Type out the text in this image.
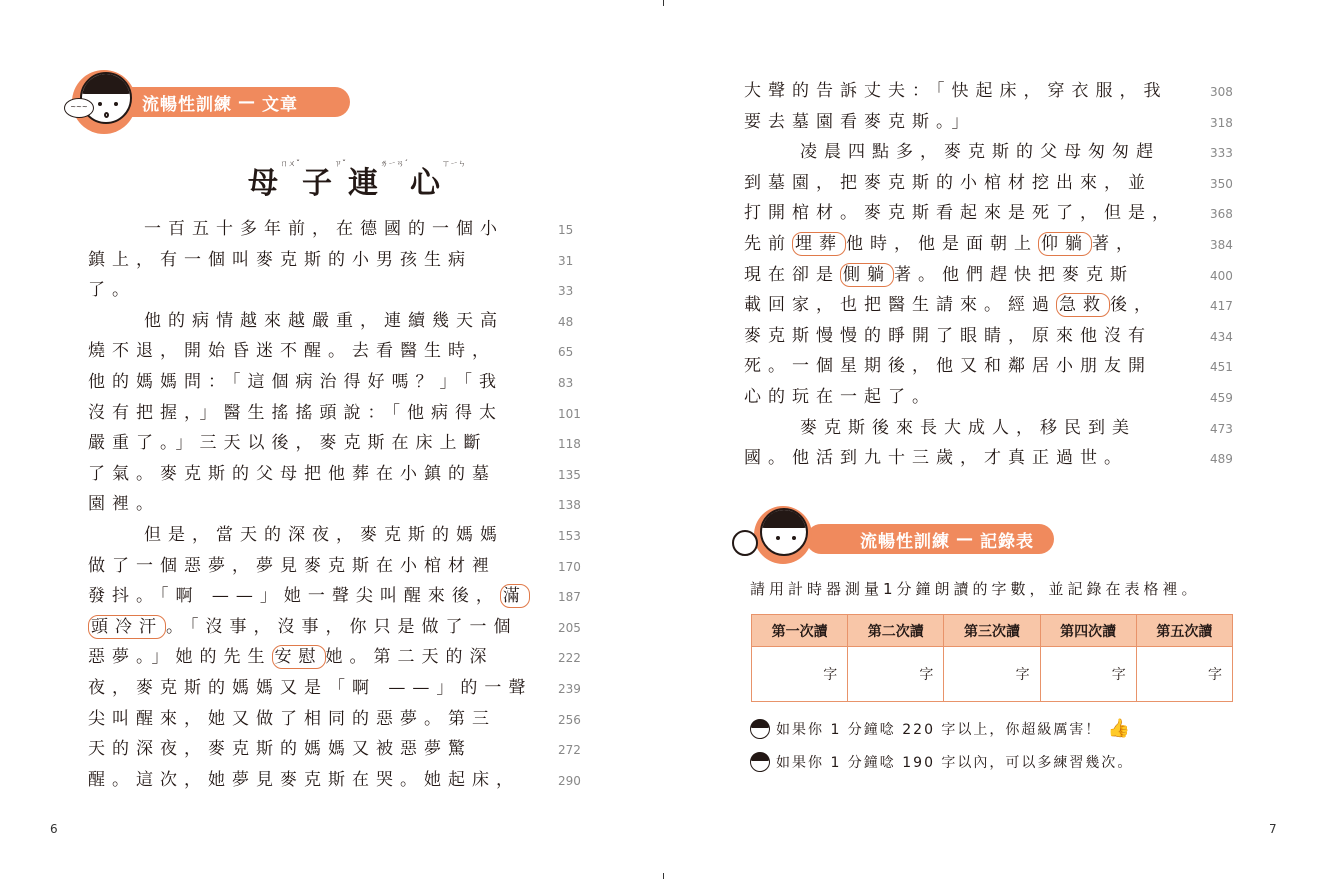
流暢性訓練 — 文章
~~~
母$^{ㄇㄨˇ}$子$^{ㄗˇ}$連$^{ㄌㄧㄢˊ}$心$^{ㄒㄧㄣ}$
一百五十多年前，在德國的一個小	15
鎮上，有一個叫麥克斯的小男孩生病	31
了。	33
他的病情越來越嚴重，連續幾天高	48
燒不退，開始昏迷不醒。去看醫生時，	65
他的媽媽問：「這個病治得好嗎？」「我	83
沒有把握，」醫生搖搖頭說：「他病得太	101
嚴重了。」三天以後，麥克斯在床上斷	118
了氣。麥克斯的父母把他葬在小鎮的墓	135
園裡。	138
但是，當天的深夜，麥克斯的媽媽	153
做了一個惡夢，夢見麥克斯在小棺材裡	170
發抖。「啊 ——」她一聲尖叫醒來後， 滿	187
頭冷汗 。「沒事，沒事，你只是做了一個	205
惡夢。」她的先生 安慰 她。第二天的深	222
夜，麥克斯的媽媽又是「啊 ——」的一聲 239
尖叫醒來，她又做了相同的惡夢。第三	256
天的深夜，麥克斯的媽媽又被惡夢驚	272
醒。這次，她夢見麥克斯在哭。她起床，	290
6
大聲的告訴丈夫：「快起床，穿衣服，我	308
要去墓園看麥克斯。」	318
凌晨四點多，麥克斯的父母匆匆趕	333
到墓園，把麥克斯的小棺材挖出來，並	350
打開棺材。麥克斯看起來是死了，但是，	368
先前 埋葬 他時，他是面朝上 仰躺 著，	384
現在卻是 側躺 著。他們趕快把麥克斯	400
載回家，也把醫生請來。經過 急救 後，	417
麥克斯慢慢的睜開了眼睛，原來他沒有	434
死。一個星期後，他又和鄰居小朋友開	451
心的玩在一起了。	459
麥克斯後來長大成人，移民到美	473
國。他活到九十三歲，才真正過世。	489
流暢性訓練 — 記錄表
7
請用計時器測量1分鐘朗讀的字數，並記錄在表格裡。
第一次讀	第二次讀	第三次讀	第四次讀	第五次讀
字	字	字	字	字
如果你 1 分鐘唸 220 字以上，你超級厲害！ 👍
如果你 1 分鐘唸 190 字以內，可以多練習幾次。
